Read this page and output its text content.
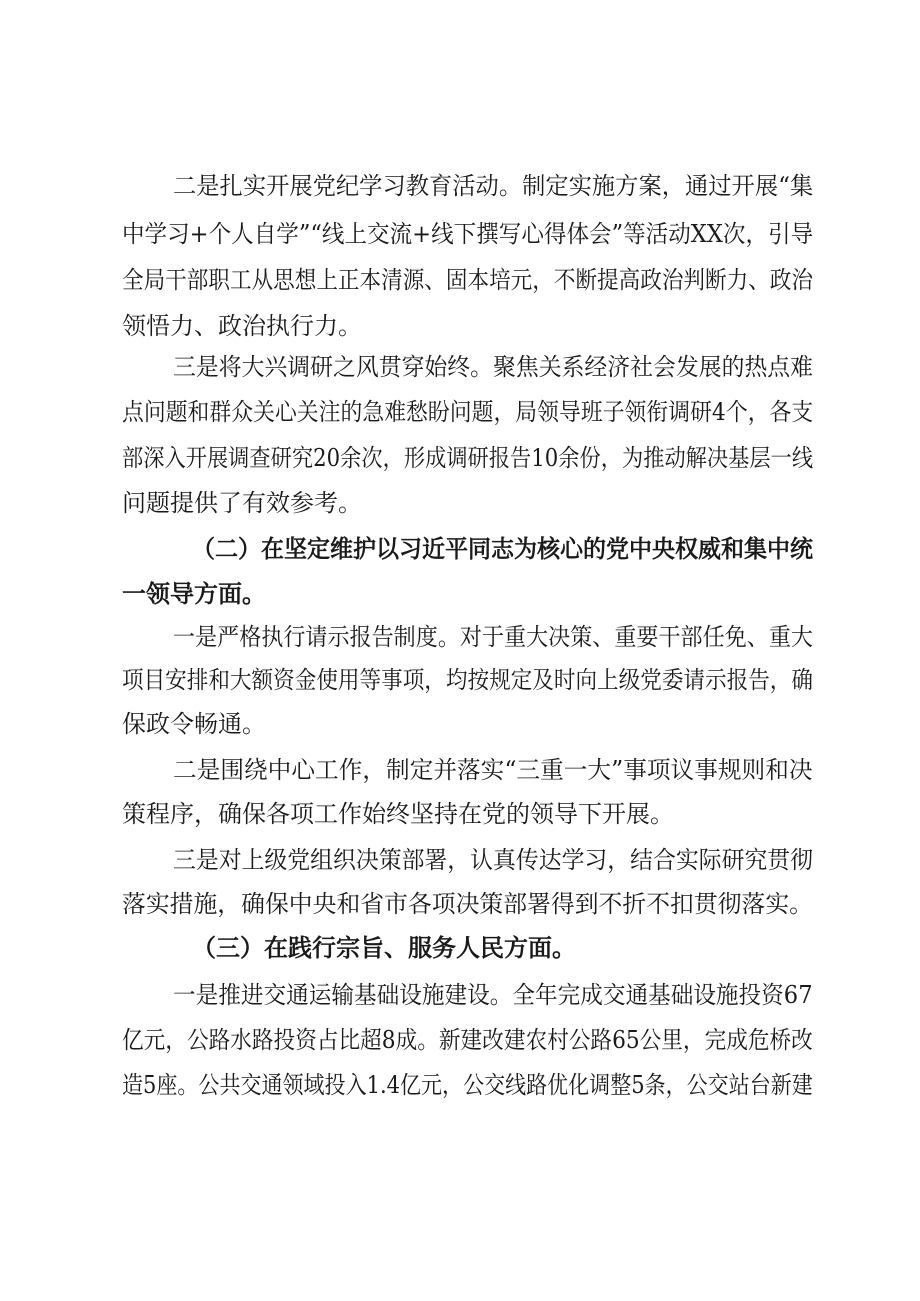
二是扎实开展党纪学习教育活动。制定实施方案，通过开展“集
中学习+个人自学”“线上交流+线下撰写心得体会”等活动XX次，引导
全局干部职工从思想上正本清源、固本培元，不断提高政治判断力、政治
领悟力、政治执行力。
三是将大兴调研之风贯穿始终。聚焦关系经济社会发展的热点难
点问题和群众关心关注的急难愁盼问题，局领导班子领衔调研4个，各支
部深入开展调查研究20余次，形成调研报告10余份，为推动解决基层一线
问题提供了有效参考。
（二）在坚定维护以习近平同志为核心的党中央权威和集中统
一领导方面。
一是严格执行请示报告制度。对于重大决策、重要干部任免、重大
项目安排和大额资金使用等事项，均按规定及时向上级党委请示报告，确
保政令畅通。
二是围绕中心工作，制定并落实“三重一大”事项议事规则和决
策程序，确保各项工作始终坚持在党的领导下开展。
三是对上级党组织决策部署，认真传达学习，结合实际研究贯彻
落实措施，确保中央和省市各项决策部署得到不折不扣贯彻落实。
（三）在践行宗旨、服务人民方面。
一是推进交通运输基础设施建设。全年完成交通基础设施投资67
亿元，公路水路投资占比超8成。新建改建农村公路65公里，完成危桥改
造5座。公共交通领域投入1.4亿元，公交线路优化调整5条，公交站台新建
